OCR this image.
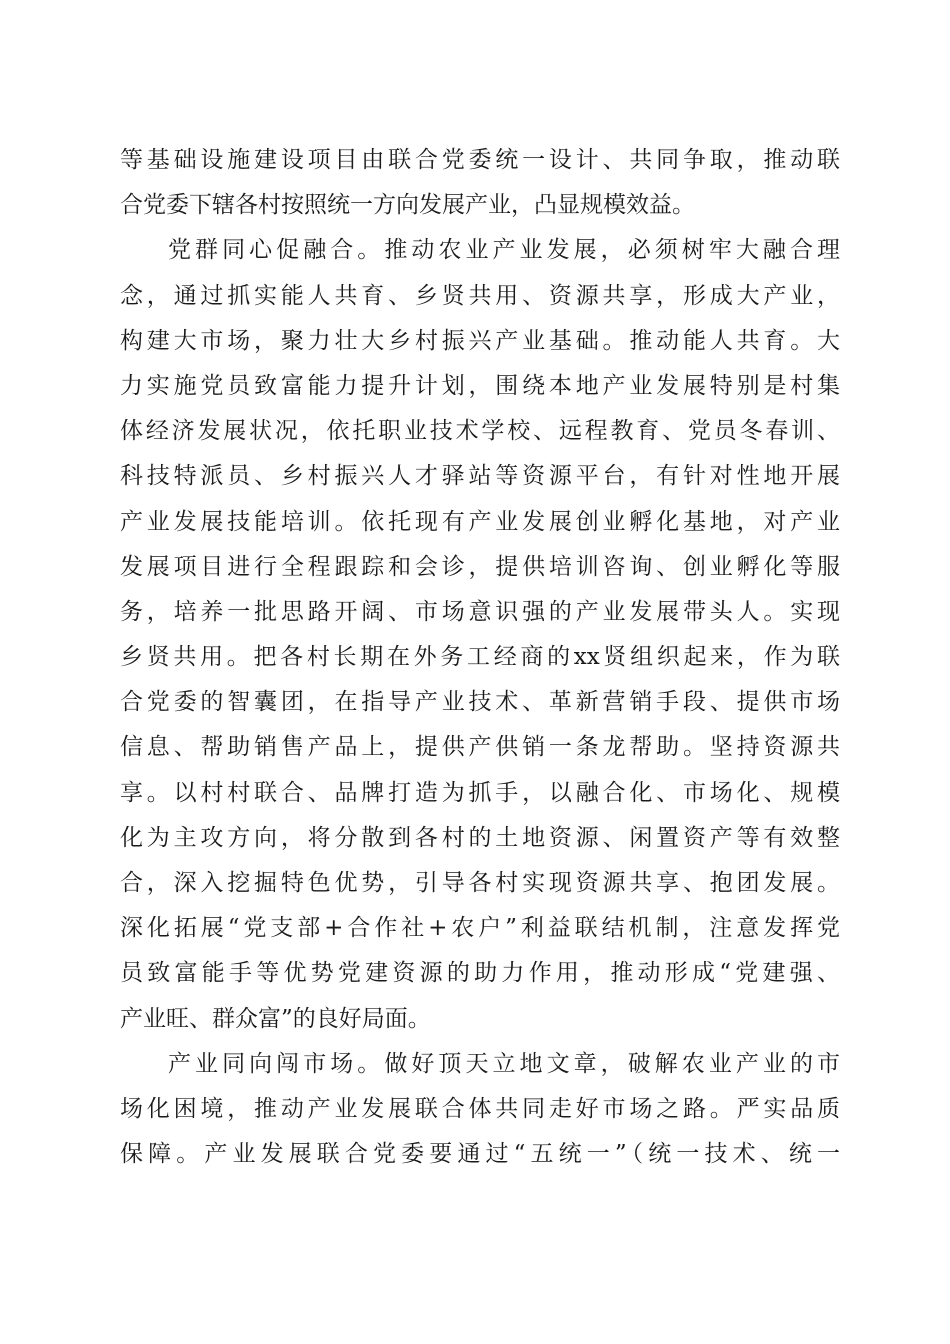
等基础设施建设项目由联合党委统一设计、共同争取，推动联
合党委下辖各村按照统一方向发展产业，凸显规模效益。
党群同心促融合。推动农业产业发展，必须树牢大融合理
念，通过抓实能人共育、乡贤共用、资源共享，形成大产业，
构建大市场，聚力壮大乡村振兴产业基础。推动能人共育。大
力实施党员致富能力提升计划，围绕本地产业发展特别是村集
体经济发展状况，依托职业技术学校、远程教育、党员冬春训、
科技特派员、乡村振兴人才驿站等资源平台，有针对性地开展
产业发展技能培训。依托现有产业发展创业孵化基地，对产业
发展项目进行全程跟踪和会诊，提供培训咨询、创业孵化等服
务，培养一批思路开阔、市场意识强的产业发展带头人。实现
乡贤共用。把各村长期在外务工经商的xx贤组织起来，作为联
合党委的智囊团，在指导产业技术、革新营销手段、提供市场
信息、帮助销售产品上，提供产供销一条龙帮助。坚持资源共
享。以村村联合、品牌打造为抓手，以融合化、市场化、规模
化为主攻方向，将分散到各村的土地资源、闲置资产等有效整
合，深入挖掘特色优势，引导各村实现资源共享、抱团发展。
深化拓展“党支部+合作社+农户”利益联结机制，注意发挥党
员致富能手等优势党建资源的助力作用，推动形成“党建强、
产业旺、群众富”的良好局面。
产业同向闯市场。做好顶天立地文章，破解农业产业的市
场化困境，推动产业发展联合体共同走好市场之路。严实品质
保障。产业发展联合党委要通过“五统一”（统一技术、统一
